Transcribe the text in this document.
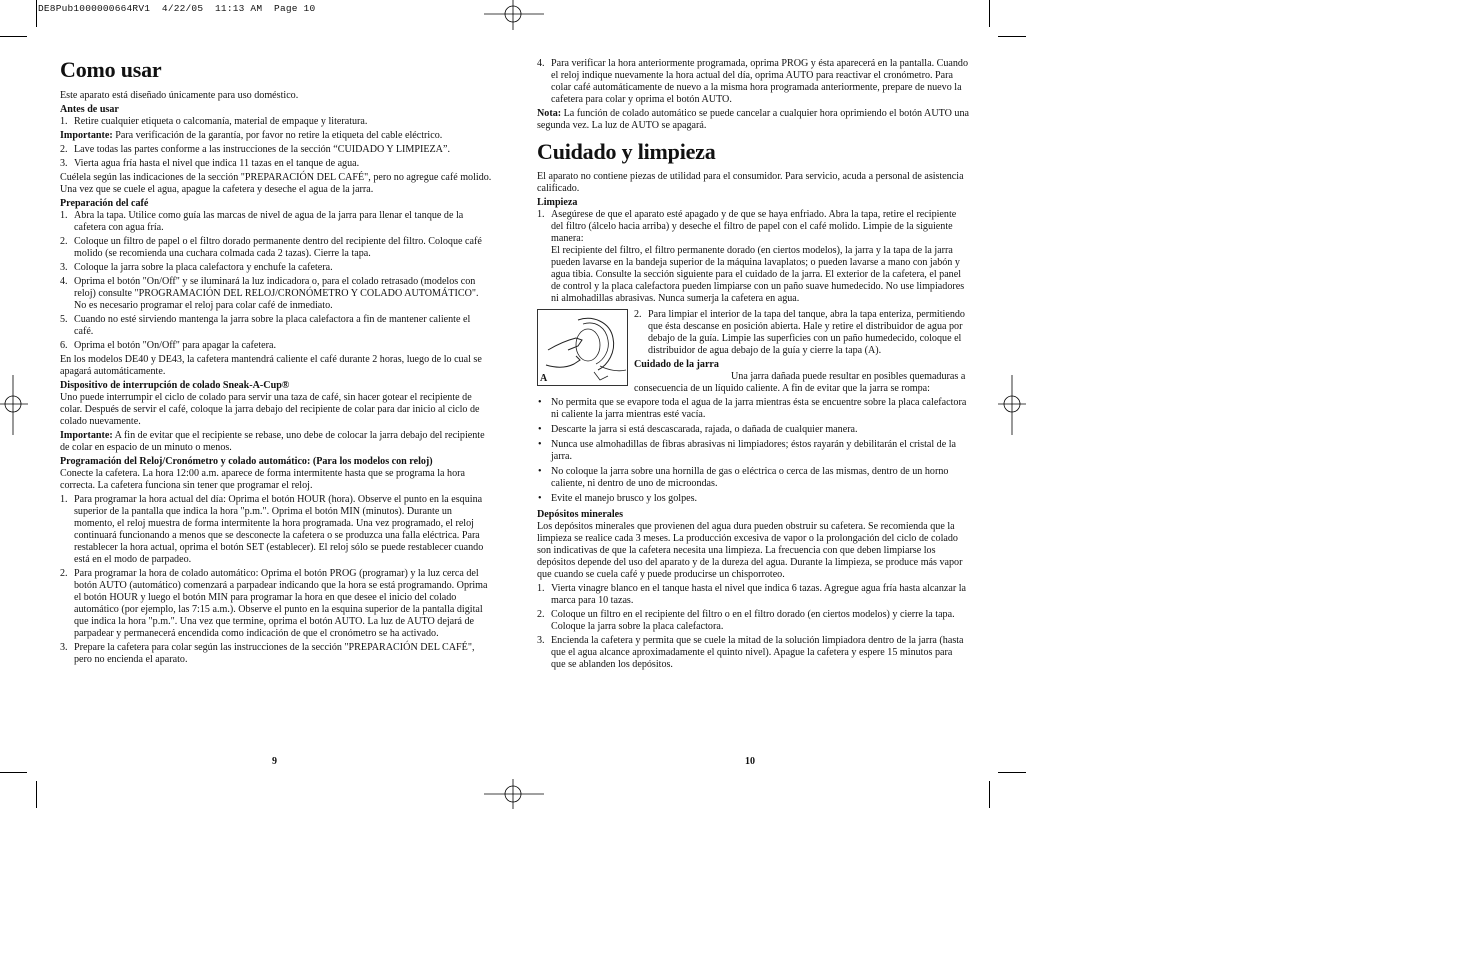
DE8Pub1000000664RV1  4/22/05  11:13 AM  Page 10
Como usar

Este aparato está diseñado únicamente para uso doméstico.

Antes de usar

1. Retire cualquier etiqueta o calcomanía, material de empaque y literatura.

Importante: Para verificación de la garantía, por favor no retire la etiqueta del cable eléctrico.

2. Lave todas las partes conforme a las instrucciones de la sección “CUIDADO Y LIMPIEZA”.
3. Vierta agua fría hasta el nivel que indica 11 tazas en el tanque de agua.

Cuélela según las indicaciones de la sección "PREPARACIÓN DEL CAFÉ", pero no agregue café molido. Una vez que se cuele el agua, apague la cafetera y deseche el agua de la jarra.

Preparación del café

1. Abra la tapa. Utilice como guía las marcas de nivel de agua de la jarra para llenar el tanque de la cafetera con agua fría.
2. Coloque un filtro de papel o el filtro dorado permanente dentro del recipiente del filtro. Coloque café molido (se recomienda una cuchara colmada cada 2 tazas). Cierre la tapa.
3. Coloque la jarra sobre la placa calefactora y enchufe la cafetera.
4. Oprima el botón "On/Off" y se iluminará la luz indicadora o, para el colado retrasado (modelos con reloj) consulte "PROGRAMACIÓN DEL RELOJ/CRONÓMETRO Y COLADO AUTOMÁTICO". No es necesario programar el reloj para colar café de inmediato.
5. Cuando no esté sirviendo mantenga la jarra sobre la placa calefactora a fin de mantener caliente el café.
6. Oprima el botón "On/Off" para apagar la cafetera.

En los modelos DE40 y DE43, la cafetera mantendrá caliente el café durante 2 horas, luego de lo cual se apagará automáticamente.

Dispositivo de interrupción de colado Sneak-A-Cup®

Uno puede interrumpir el ciclo de colado para servir una taza de café, sin hacer gotear el recipiente de colar. Después de servir el café, coloque la jarra debajo del recipiente de colar para dar inicio al ciclo de colado nuevamente.

Importante: A fin de evitar que el recipiente se rebase, uno debe de colocar la jarra debajo del recipiente de colar en espacio de un minuto o menos.

Programación del Reloj/Cronómetro y colado automático: (Para los modelos con reloj)

Conecte la cafetera. La hora 12:00 a.m. aparece de forma intermitente hasta que se programa la hora correcta. La cafetera funciona sin tener que programar el reloj.

1. Para programar la hora actual del día: Oprima el botón HOUR (hora). Observe el punto en la esquina superior de la pantalla que indica la hora "p.m.". Oprima el botón MIN (minutos). Durante un momento, el reloj muestra de forma intermitente la hora programada. Una vez programado, el reloj continuará funcionando a menos que se desconecte la cafetera o se produzca una falla eléctrica. Para restablecer la hora actual, oprima el botón SET (establecer). El reloj sólo se puede restablecer cuando está en el modo de parpadeo.
2. Para programar la hora de colado automático: Oprima el botón PROG (programar) y la luz cerca del botón AUTO (automático) comenzará a parpadear indicando que la hora se está programando. Oprima el botón HOUR y luego el botón MIN para programar la hora en que desee el inicio del colado automático (por ejemplo, las 7:15 a.m.). Observe el punto en la esquina superior de la pantalla digital que indica la hora "p.m.". Una vez que termine, oprima el botón AUTO. La luz de AUTO dejará de parpadear y permanecerá encendida como indicación de que el cronómetro se ha activado.
3. Prepare la cafetera para colar según las instrucciones de la sección "PREPARACIÓN DEL CAFÉ", pero no encienda el aparato.
4. Para verificar la hora anteriormente programada, oprima PROG y ésta aparecerá en la pantalla. Cuando el reloj indique nuevamente la hora actual del día, oprima AUTO para reactivar el cronómetro. Para colar café automáticamente de nuevo a la misma hora programada anteriormente, prepare de nuevo la cafetera para colar y oprima el botón AUTO.

Nota: La función de colado automático se puede cancelar a cualquier hora oprimiendo el botón AUTO una segunda vez. La luz de AUTO se apagará.

Cuidado y limpieza

El aparato no contiene piezas de utilidad para el consumidor. Para servicio, acuda a personal de asistencia calificado.

Limpieza

1. Asegúrese de que el aparato esté apagado y de que se haya enfriado. Abra la tapa, retire el recipiente del filtro (álcelo hacia arriba) y deseche el filtro de papel con el café molido. Limpie de la siguiente manera:
El recipiente del filtro, el filtro permanente dorado (en ciertos modelos), la jarra y la tapa de la jarra pueden lavarse en la bandeja superior de la máquina lavaplatos; o pueden lavarse a mano con jabón y agua tibia. Consulte la sección siguiente para el cuidado de la jarra. El exterior de la cafetera, el panel de control y la placa calefactora pueden limpiarse con un paño suave humedecido. No use limpiadores ni almohadillas abrasivas. Nunca sumerja la cafetera en agua.
A
2. Para limpiar el interior de la tapa del tanque, abra la tapa enteriza, permitiendo que ésta descanse en posición abierta. Hale y retire el distribuidor de agua por debajo de la guía. Limpie las superficies con un paño humedecido, coloque el distribuidor de agua debajo de la guía y cierre la tapa (A).

Cuidado de la jarra

Una jarra dañada puede resultar en posibles quemaduras a consecuencia de un líquido caliente. A fin de evitar que la jarra se rompa:

• No permita que se evapore toda el agua de la jarra mientras ésta se encuentre sobre la placa calefactora ni caliente la jarra mientras esté vacía.
• Descarte la jarra si está descascarada, rajada, o dañada de cualquier manera.
• Nunca use almohadillas de fibras abrasivas ni limpiadores; éstos rayarán y debilitarán el cristal de la jarra.
• No coloque la jarra sobre una hornilla de gas o eléctrica o cerca de las mismas, dentro de un horno caliente, ni dentro de uno de microondas.
• Evite el manejo brusco y los golpes.

Depósitos minerales

Los depósitos minerales que provienen del agua dura pueden obstruir su cafetera. Se recomienda que la limpieza se realice cada 3 meses. La producción excesiva de vapor o la prolongación del ciclo de colado son indicativas de que la cafetera necesita una limpieza. La frecuencia con que deben limpiarse los depósitos depende del uso del aparato y de la dureza del agua. Durante la limpieza, se produce más vapor que cuando se cuela café y puede producirse un chisporroteo.

1. Vierta vinagre blanco en el tanque hasta el nivel que indica 6 tazas. Agregue agua fría hasta alcanzar la marca para 10 tazas.
2. Coloque un filtro en el recipiente del filtro o en el filtro dorado (en ciertos modelos) y cierre la tapa. Coloque la jarra sobre la placa calefactora.
3. Encienda la cafetera y permita que se cuele la mitad de la solución limpiadora dentro de la jarra (hasta que el agua alcance aproximadamente el quinto nivel). Apague la cafetera y espere 15 minutos para que se ablanden los depósitos.
9	10
